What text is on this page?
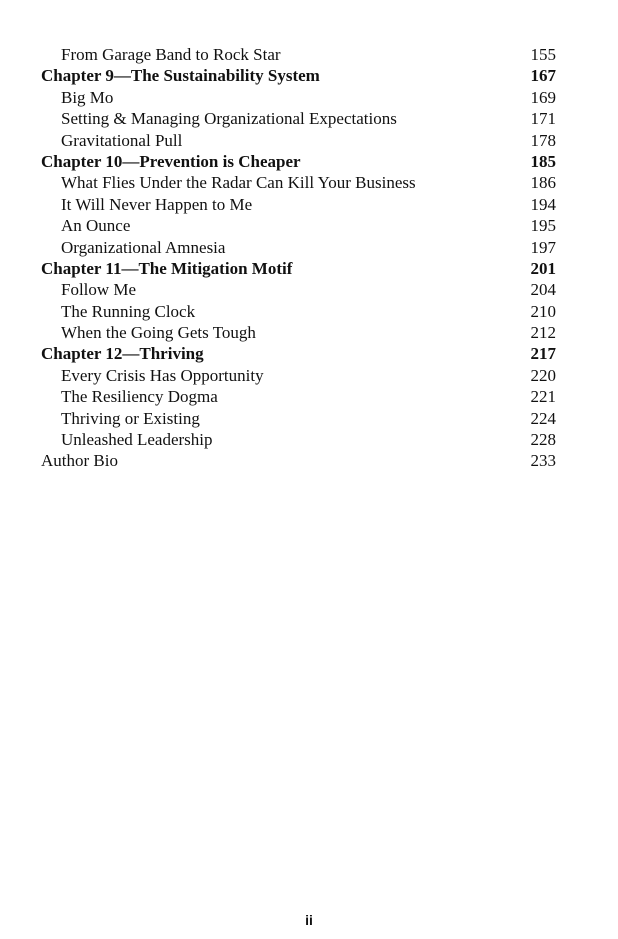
From Garage Band to Rock Star	155
Chapter 9—The Sustainability System	167
Big Mo	169
Setting & Managing Organizational Expectations	171
Gravitational Pull	178
Chapter 10—Prevention is Cheaper	185
What Flies Under the Radar Can Kill Your Business	186
It Will Never Happen to Me	194
An Ounce	195
Organizational Amnesia	197
Chapter 11—The Mitigation Motif	201
Follow Me	204
The Running Clock	210
When the Going Gets Tough	212
Chapter 12—Thriving	217
Every Crisis Has Opportunity	220
The Resiliency Dogma	221
Thriving or Existing	224
Unleashed Leadership	228
Author Bio	233
ii
